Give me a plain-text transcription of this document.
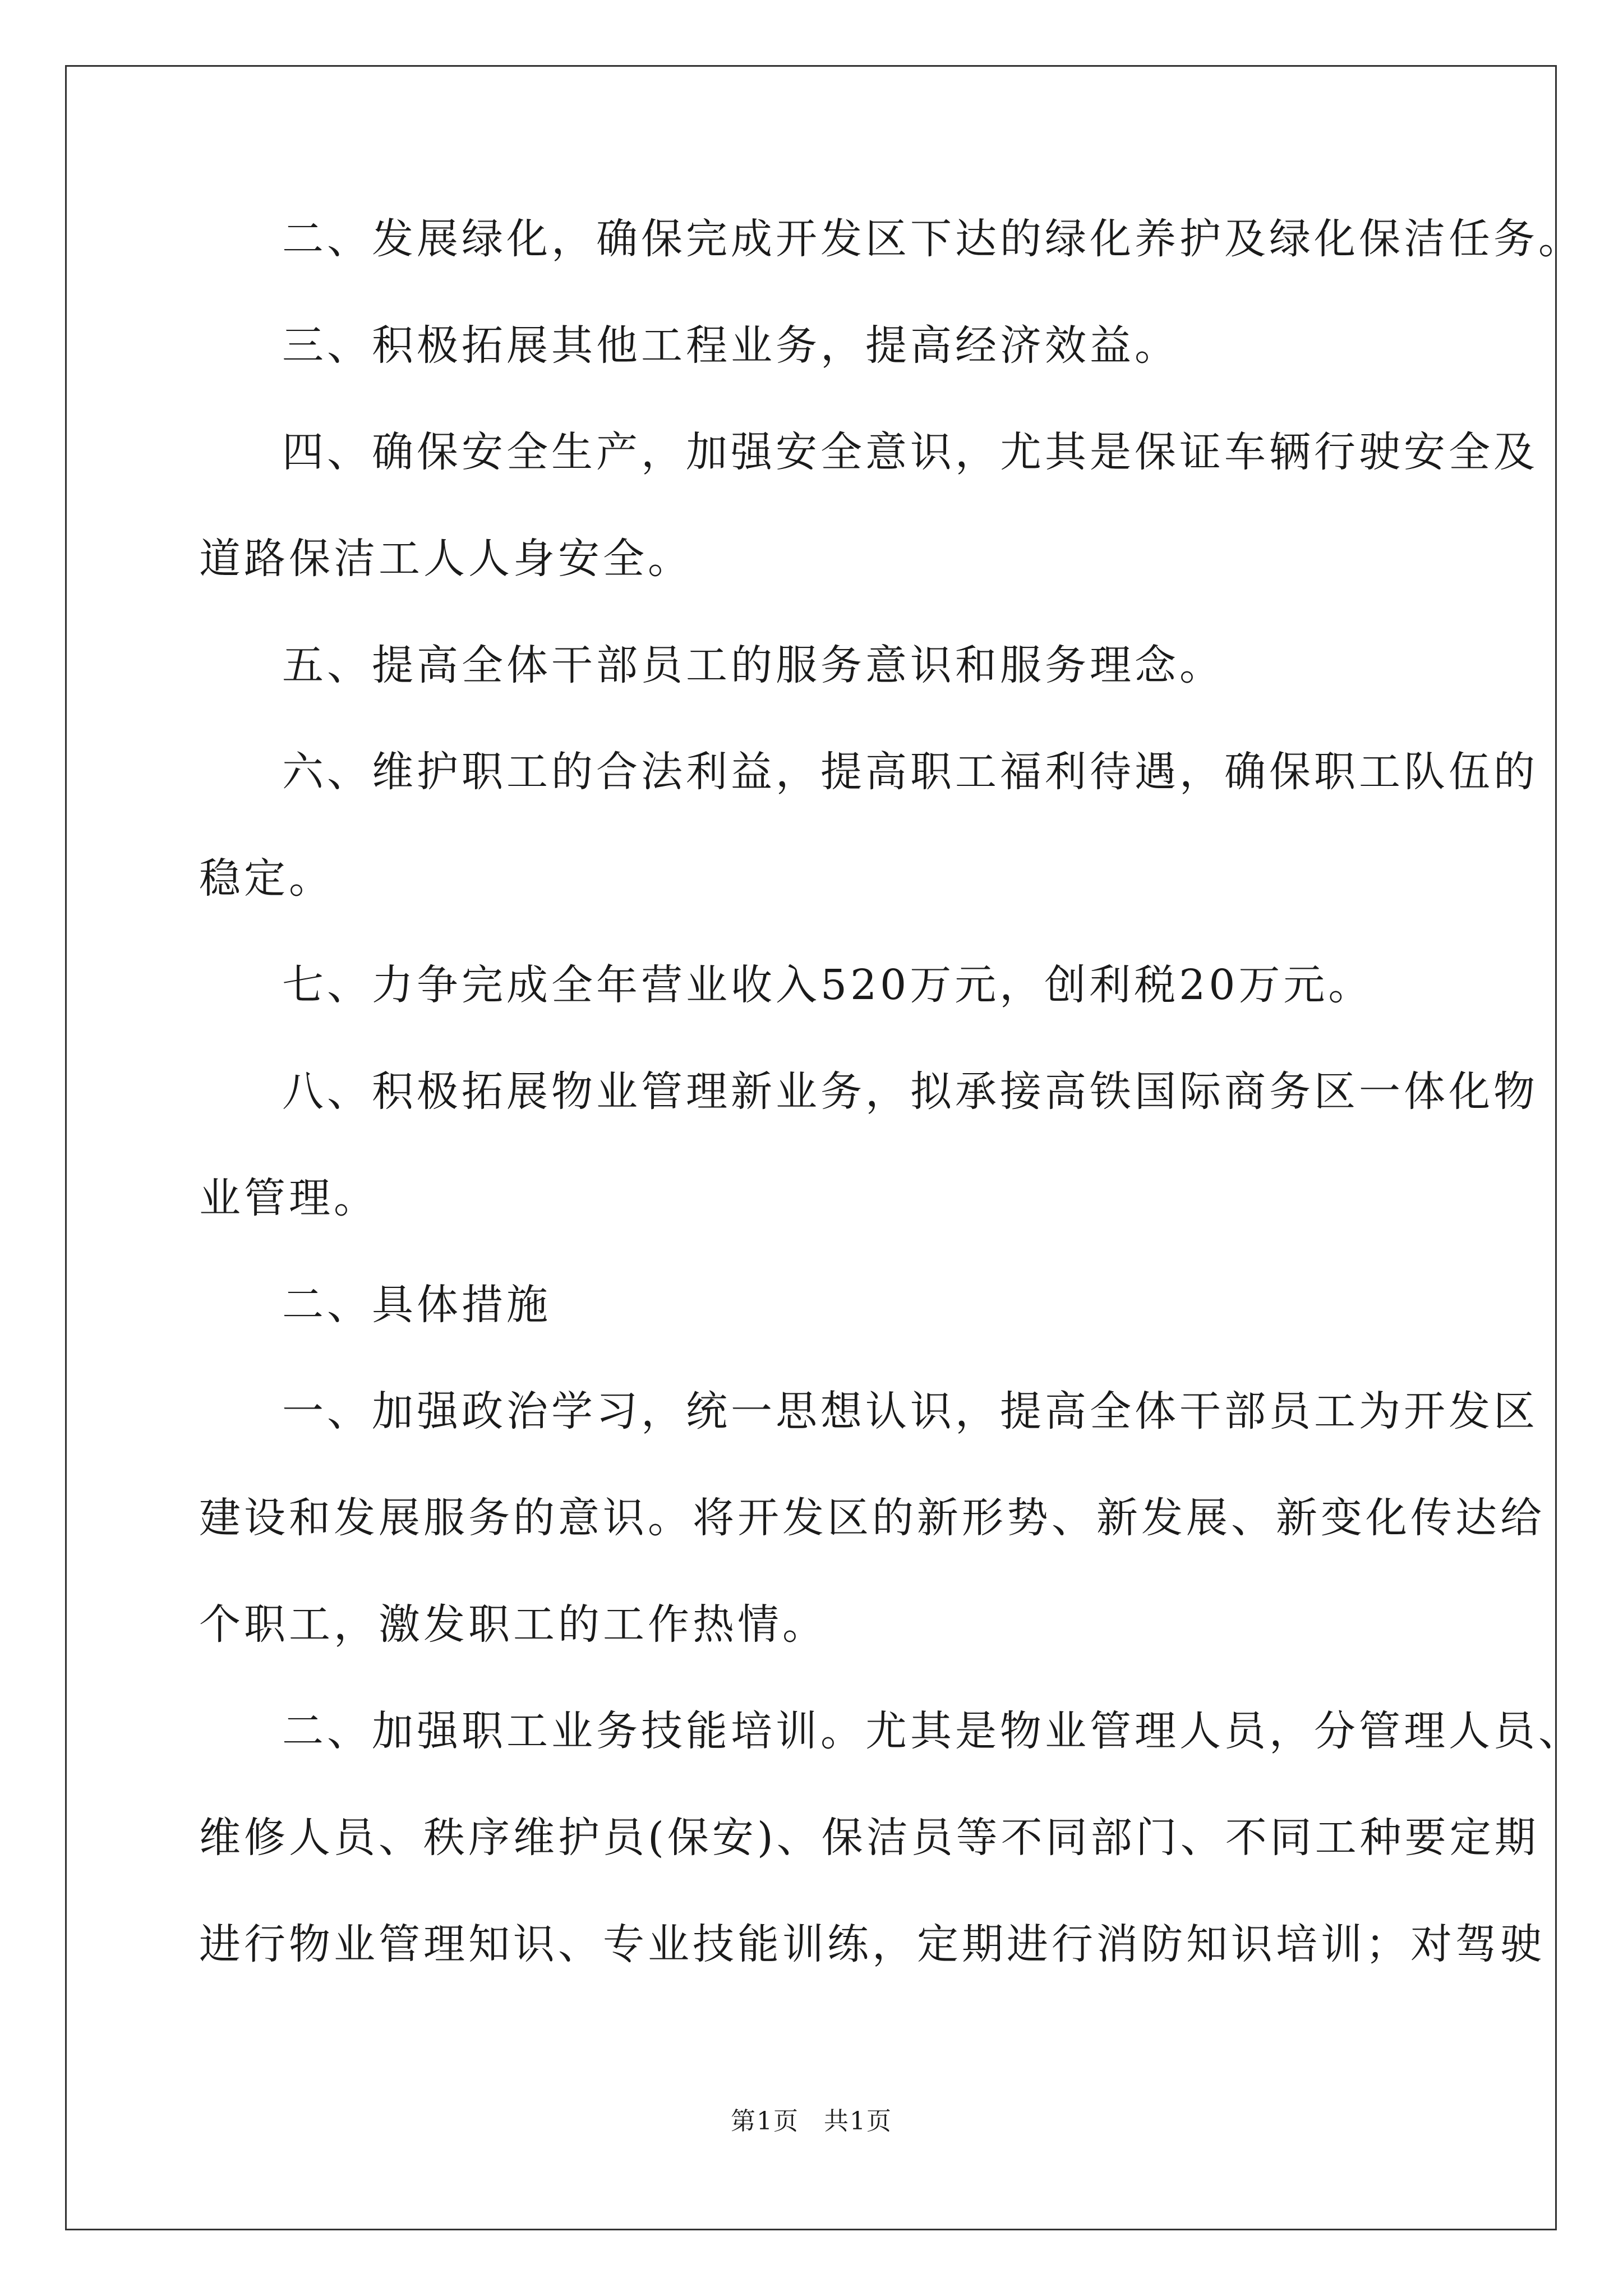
二、发展绿化，确保完成开发区下达的绿化养护及绿化保洁任务。
三、积极拓展其他工程业务，提高经济效益。
四、确保安全生产，加强安全意识，尤其是保证车辆行驶安全及
道路保洁工人人身安全。
五、提高全体干部员工的服务意识和服务理念。
六、维护职工的合法利益，提高职工福利待遇，确保职工队伍的
稳定。
七、力争完成全年营业收入520万元，创利税20万元。
八、积极拓展物业管理新业务，拟承接高铁国际商务区一体化物
业管理。
二、具体措施
一、加强政治学习，统一思想认识，提高全体干部员工为开发区
建设和发展服务的意识。将开发区的新形势、新发展、新变化传达给
个职工，激发职工的工作热情。
二、加强职工业务技能培训。尤其是物业管理人员，分管理人员、
维修人员、秩序维护员(保安)、保洁员等不同部门、不同工种要定期
进行物业管理知识、专业技能训练，定期进行消防知识培训；对驾驶
第1页 共1页
